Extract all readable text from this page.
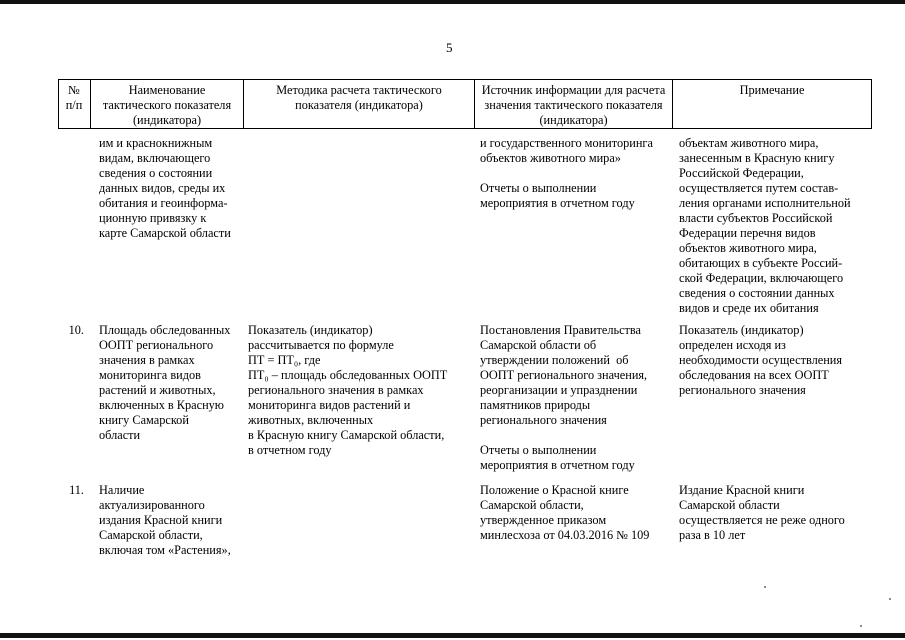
5
№
п/п
Наименование
тактического показателя
(индикатора)
Методика расчета тактического
показателя (индикатора)
Источник информации для расчета
значения тактического показателя
(индикатора)
Примечание
им и краснокнижным
видам, включающего
сведения о состоянии
данных видов, среды их
обитания и геоинформа-
ционную привязку к
карте Самарской области
и государственного мониторинга
объектов животного мира»

Отчеты о выполнении
мероприятия в отчетном году
объектам животного мира,
занесенным в Красную книгу
Российской Федерации,
осуществляется путем состав-
ления органами исполнительной
власти субъектов Российской
Федерации перечня видов
объектов животного мира,
обитающих в субъекте Россий-
ской Федерации, включающего
сведения о состоянии данных
видов и среде их обитания
10. Площадь обследованных
ООПТ регионального
значения в рамках
мониторинга видов
растений и животных,
включенных в Красную
книгу Самарской
области
Показатель (индикатор)
рассчитывается по формуле
ПТ = ПТ₀, где
ПТ₀ – площадь обследованных ООПТ
регионального значения в рамках
мониторинга видов растений и
животных, включенных
в Красную книгу Самарской области,
в отчетном году
Постановления Правительства
Самарской области об
утверждении положений  об
ООПТ регионального значения,
реорганизации и упразднении
памятников природы
регионального значения

Отчеты о выполнении
мероприятия в отчетном году
Показатель (индикатор)
определен исходя из
необходимости осуществления
обследования на всех ООПТ
регионального значения
11. Наличие
актуализированного
издания Красной книги
Самарской области,
включая том «Растения»,
Положение о Красной книге
Самарской области,
утвержденное приказом
минлесхоза от 04.03.2016 № 109
Издание Красной книги
Самарской области
осуществляется не реже одного
раза в 10 лет
